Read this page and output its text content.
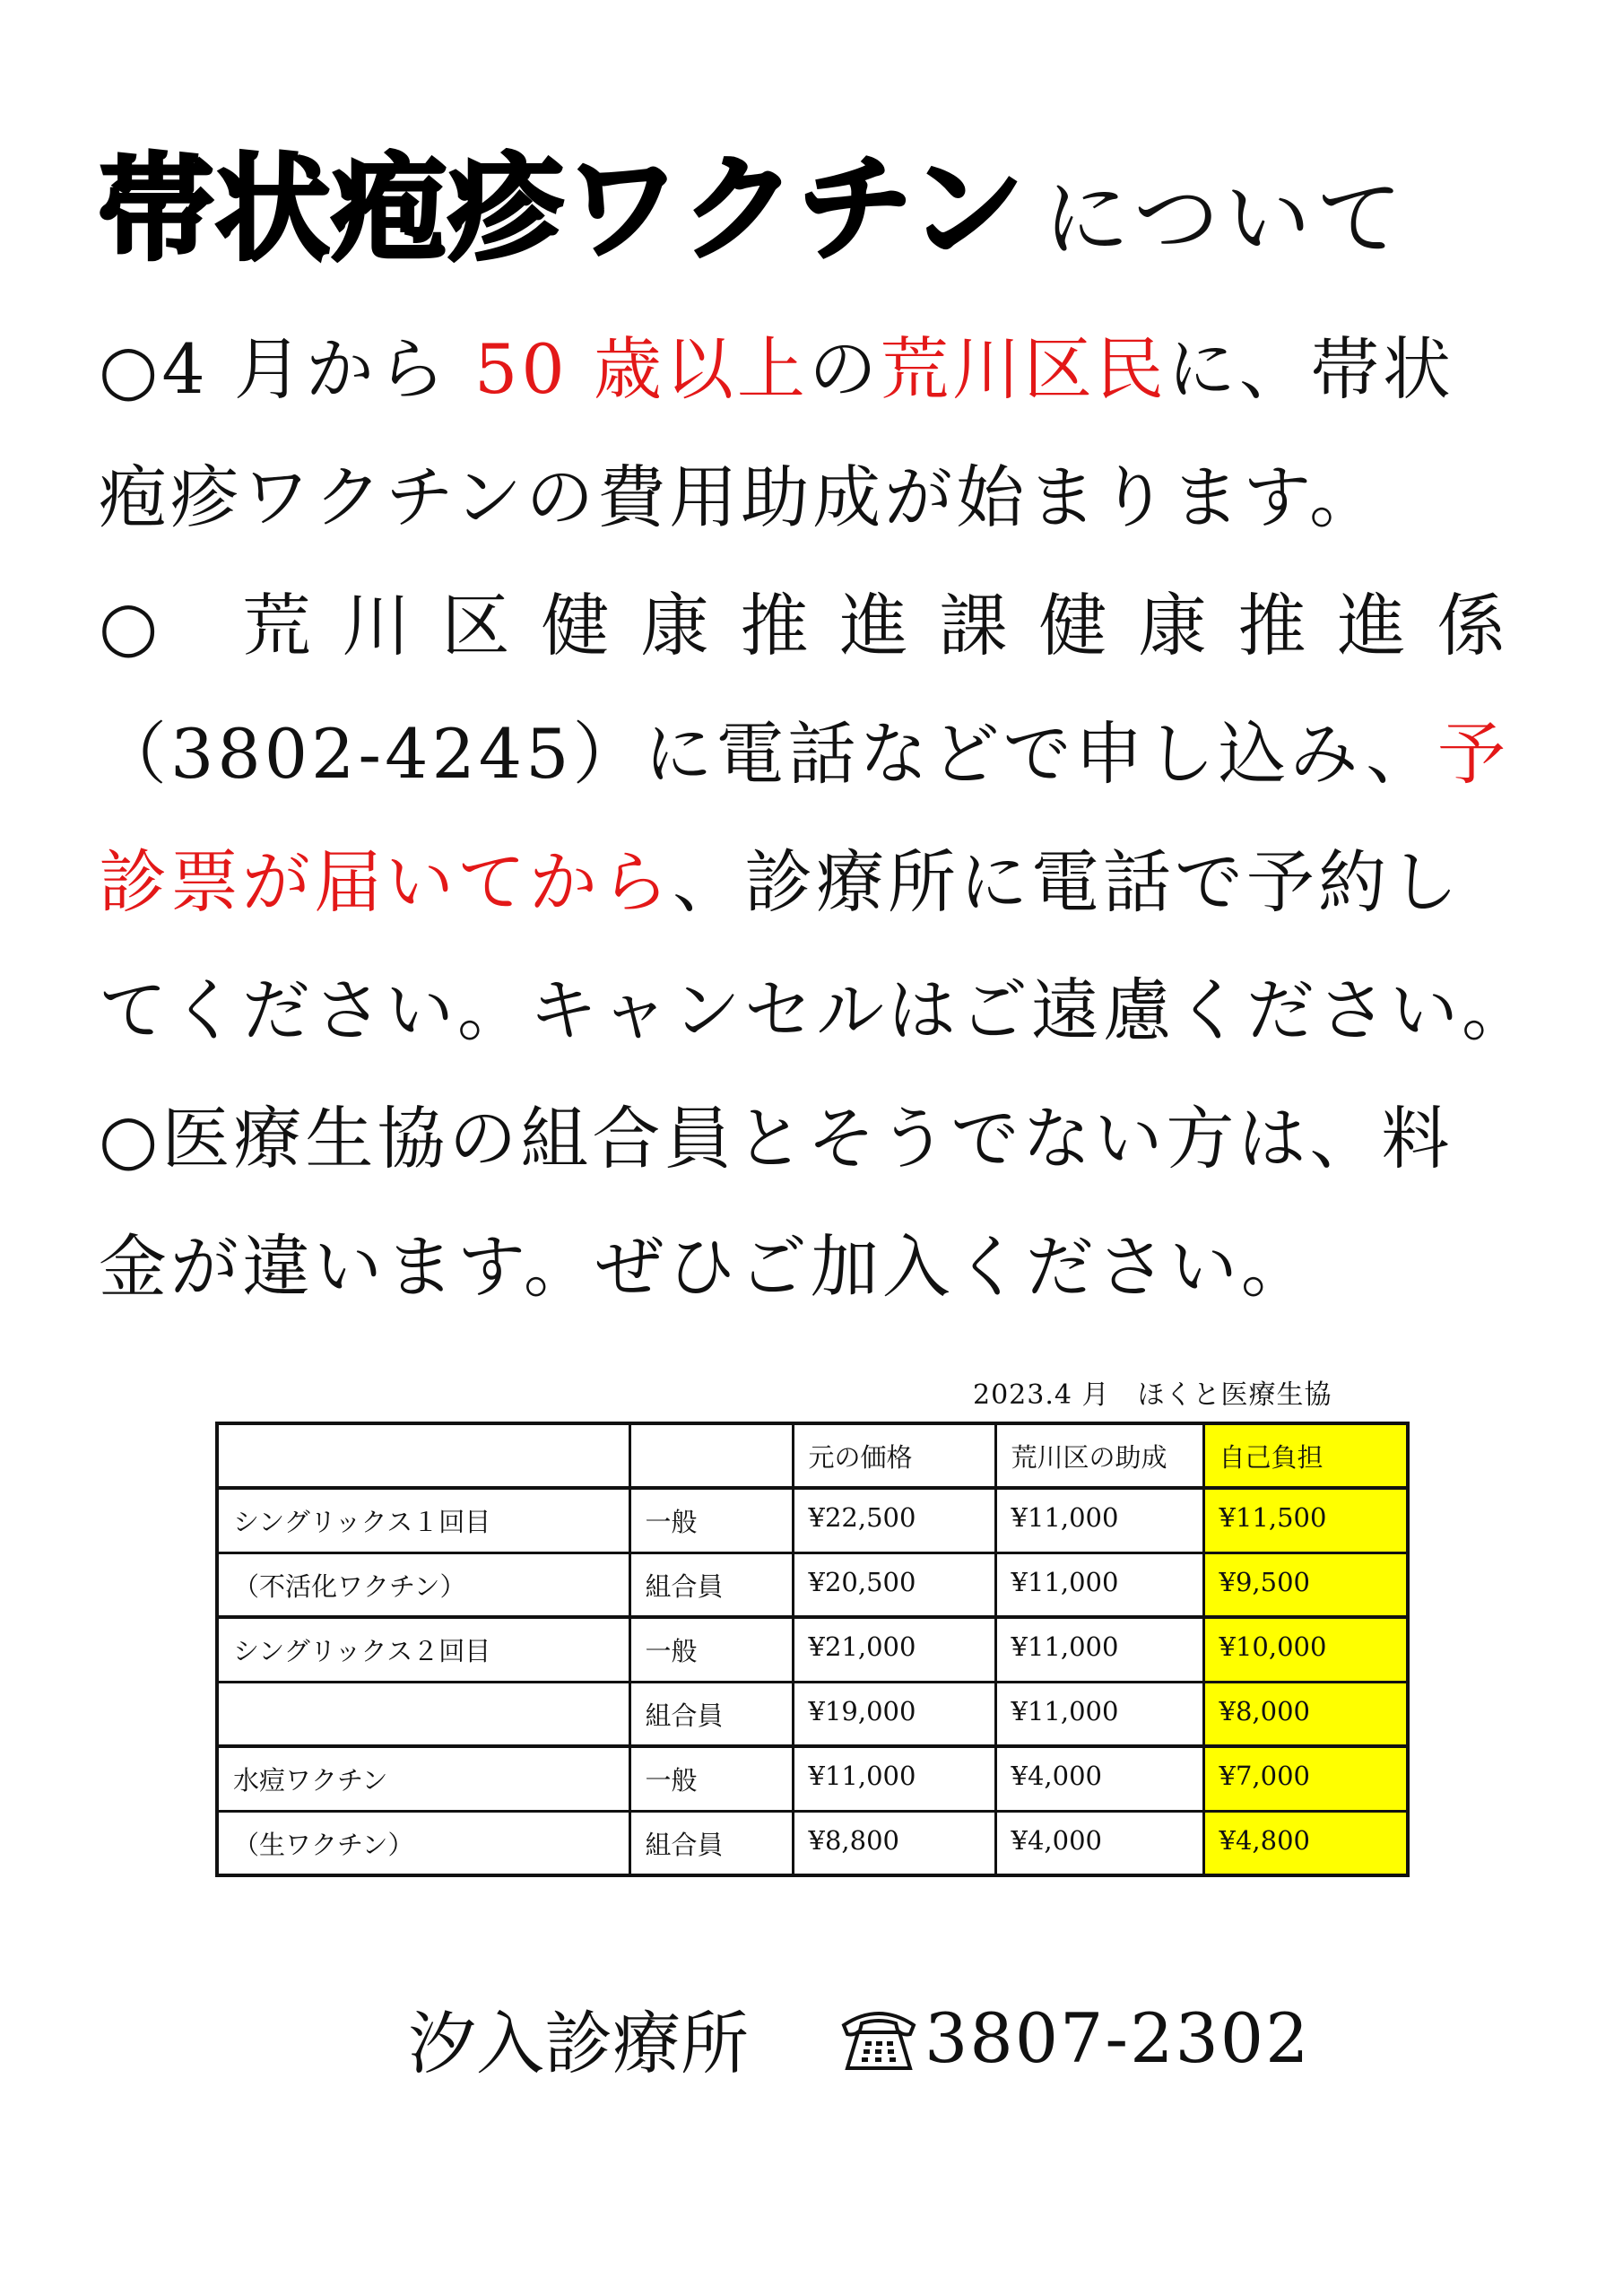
帯状疱疹ワクチン について
○4 月から 50 歳以上の荒川区民に、帯状
疱疹ワクチンの費用助成が始まります。
○ 荒川区健康推進課健康推進係
（3802-4245）に電話などで申し込み、予
診票が届いてから、診療所に電話で予約し
てください。キャンセルはご遠慮ください。
○医療生協の組合員とそうでない方は、料
金が違います。ぜひご加入ください。
2023.4 月　ほくと医療生協
		元の価格	荒川区の助成	自己負担
シングリックス１回目	一般	¥22,500	¥11,000	¥11,500
（不活化ワクチン）	組合員	¥20,500	¥11,000	¥9,500
シングリックス２回目	一般	¥21,000	¥11,000	¥10,000
	組合員	¥19,000	¥11,000	¥8,000
水痘ワクチン	一般	¥11,000	¥4,000	¥7,000
（生ワクチン）	組合員	¥8,800	¥4,000	¥4,800
汐入診療所	3807-2302
